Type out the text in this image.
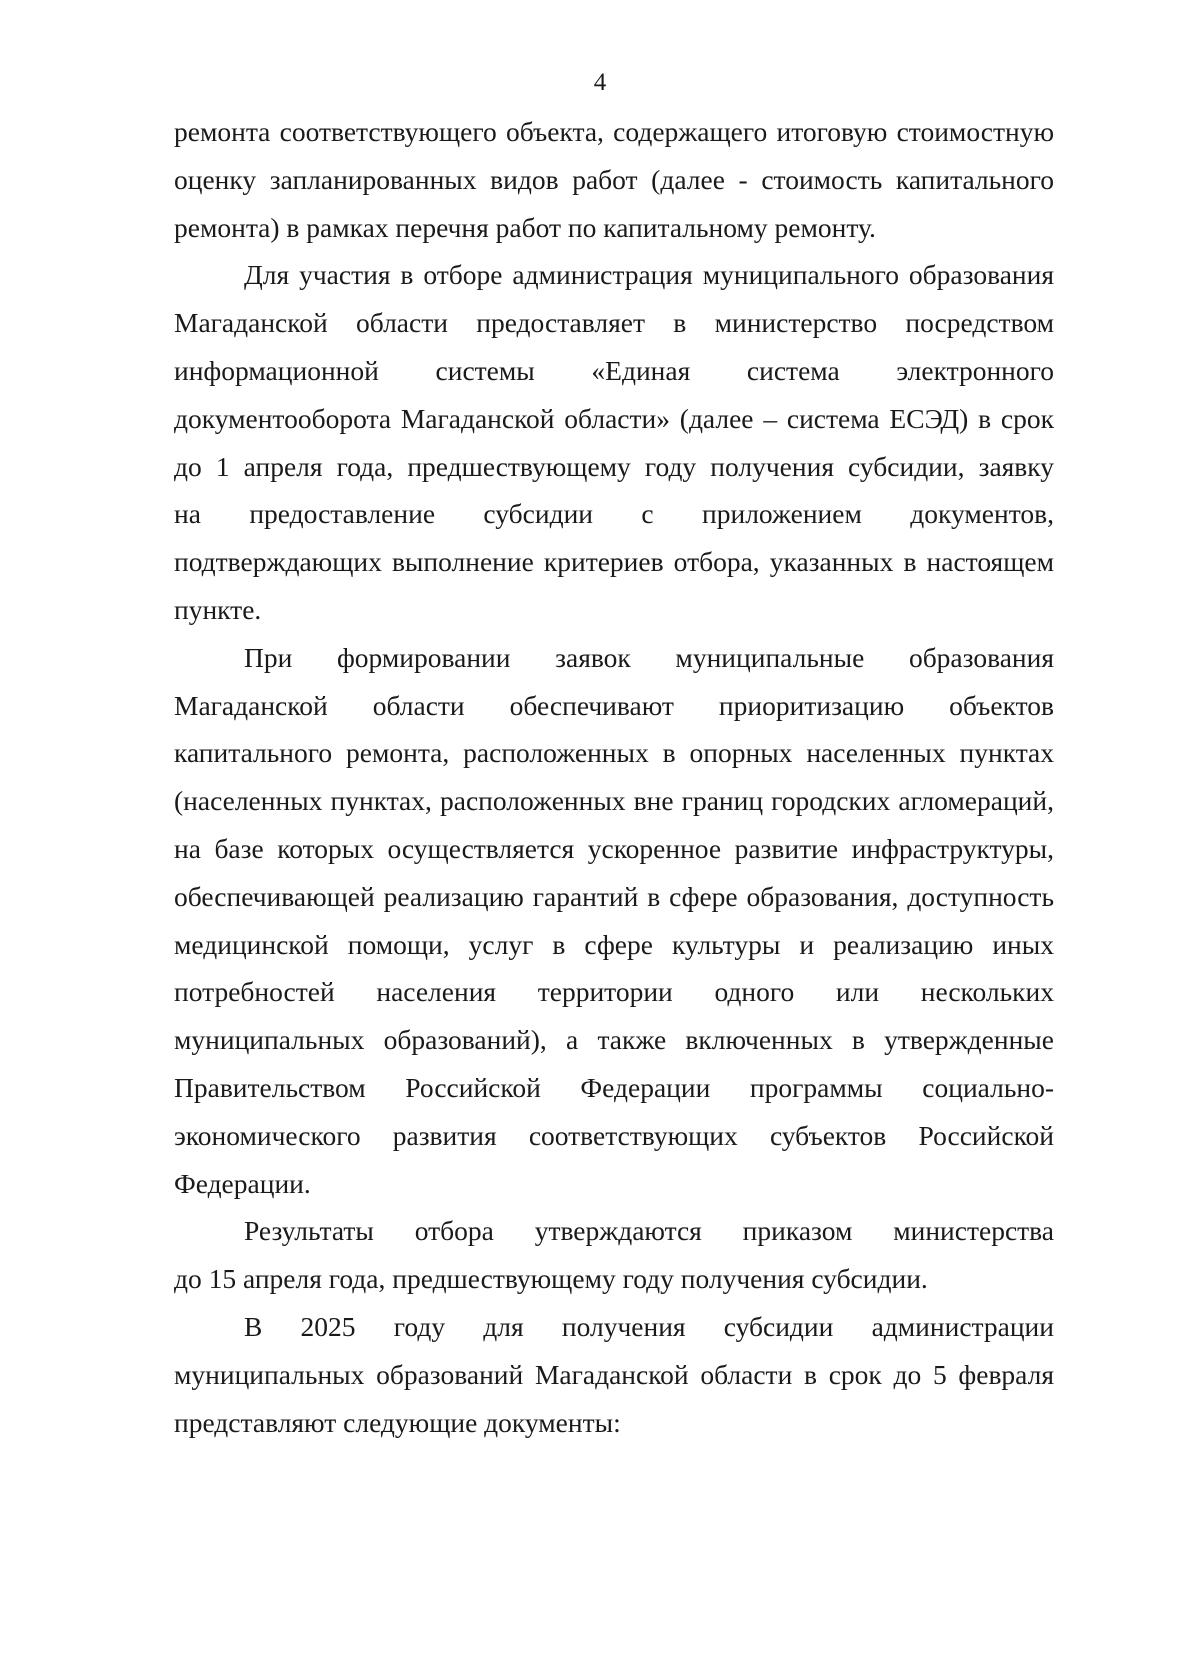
4
ремонта соответствующего объекта, содержащего итоговую стоимостную
оценку запланированных видов работ (далее - стоимость капитального
ремонта) в рамках перечня работ по капитальному ремонту.
Для участия в отборе администрация муниципального образования
Магаданской области предоставляет в министерство посредством
информационной системы «Единая система электронного
документооборота Магаданской области» (далее – система ЕСЭД) в срок
до 1 апреля года, предшествующему году получения субсидии, заявку
на предоставление субсидии с приложением документов,
подтверждающих выполнение критериев отбора, указанных в настоящем
пункте.
При формировании заявок муниципальные образования
Магаданской области обеспечивают приоритизацию объектов
капитального ремонта, расположенных в опорных населенных пунктах
(населенных пунктах, расположенных вне границ городских агломераций,
на базе которых осуществляется ускоренное развитие инфраструктуры,
обеспечивающей реализацию гарантий в сфере образования, доступность
медицинской помощи, услуг в сфере культуры и реализацию иных
потребностей населения территории одного или нескольких
муниципальных образований), а также включенных в утвержденные
Правительством Российской Федерации программы социально-
экономического развития соответствующих субъектов Российской
Федерации.
Результаты отбора утверждаются приказом министерства
до 15 апреля года, предшествующему году получения субсидии.
В 2025 году для получения субсидии администрации
муниципальных образований Магаданской области в срок до 5 февраля
представляют следующие документы:
